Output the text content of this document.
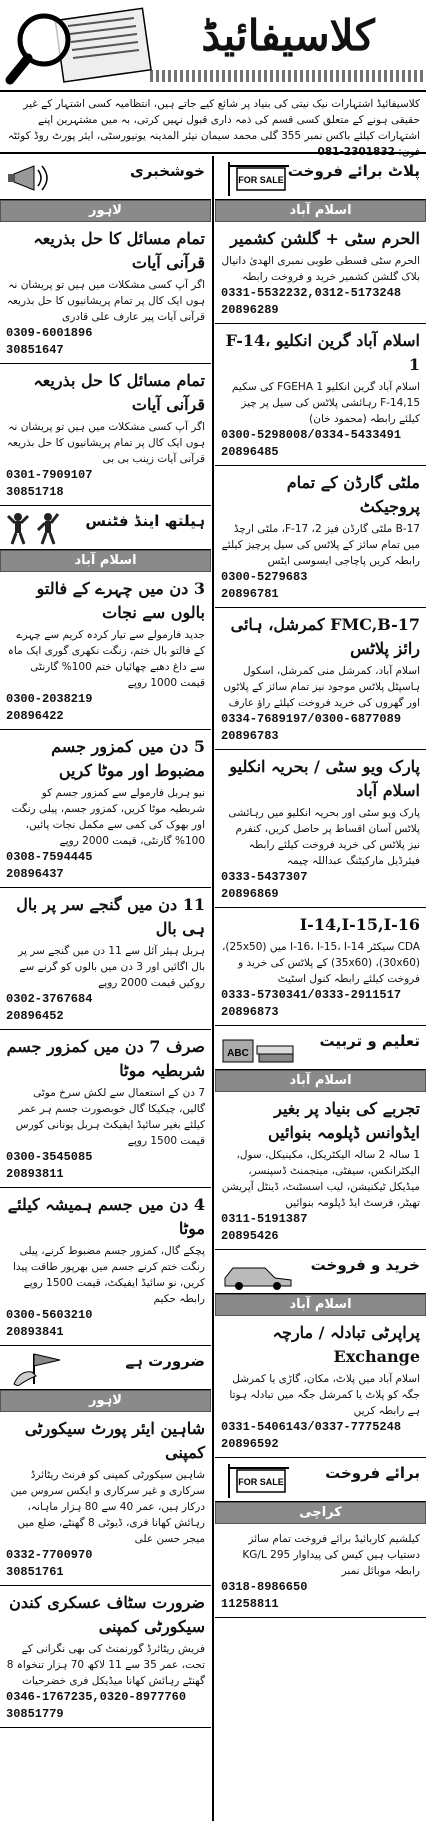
کلاسیفائیڈ
کلاسیفائیڈ اشتہارات نیک نیتی کی بنیاد پر شائع کیے جاتے ہیں، انتظامیہ کسی اشتہار کے غیر حقیقی ہونے کے متعلق کسی قسم کی ذمہ داری قبول نہیں کرتی، بہ میں مشتہرین اپنے اشتہارات کیلئے باکس نمبر 355 گلی محمد سیمان نیئر المدینہ یونیورسٹی، ایئر پورٹ روڈ کوئٹہ فون: 081-2301832
خوشخبری
لاہور
تمام مسائل کا حل بذریعہ قرآنی آیات
اگر آپ کسی مشکلات میں ہیں تو پریشان نہ ہوں ایک کال پر تمام پریشانیوں کا حل بذریعہ قرآنی آیات پیر عارف علی قادری
0309-6001896
30851647
تمام مسائل کا حل بذریعہ قرآنی آیات
اگر آپ کسی مشکلات میں ہیں تو پریشان نہ ہوں ایک کال پر تمام پریشانیوں کا حل بذریعہ قرآنی آیات زینب بی بی
0301-7909107
30851718
ہیلتھ اینڈ فٹنس
اسلام آباد
3 دن میں چہرے کے فالتو بالوں سے نجات
جدید فارمولے سے تیار کردہ کریم سے چہرے کے فالتو بال ختم، زنگت نکھری گوری ایک ماہ سے داغ دھبے چھائیاں ختم 100% گارنٹی قیمت 1000 روپے
0300-2038219
20896422
5 دن میں کمزور جسم مضبوط اور موٹا کریں
نیو ہربل فارمولے سے کمزور جسم کو شربطیہ موٹا کریں، کمزور جسم، پیلی رنگت اور بھوک کی کمی سے مکمل نجات پائیں، 100% گارنٹی، قیمت 2000 روپے
0308-7594445
20896437
11 دن میں گنجے سر پر بال ہی بال
ہربل ہیئر آئل سے 11 دن میں گنجے سر پر بال اگائیں اور 3 دن میں بالوں کو گرنے سے روکیں قیمت 2000 روپے
0302-3767684
20896452
صرف 7 دن میں کمزور جسم شربطیہ موٹا
7 دن کے استعمال سے لکش سرخ موٹی گالیں، چیکیکا گال خوبصورت جسم ہر عمر کیلئے بغیر سائیڈ ایفیکٹ ہربل یونانی کورس قیمت 1500 روپے
0300-3545085
20893811
4 دن میں جسم ہمیشہ کیلئے موٹا
پچکے گال، کمزور جسم مضبوط کرنے، پیلی رنگت ختم کرنے جسم میں بھرپور طاقت پیدا کریں، نو سائیڈ ایفیکٹ، قیمت 1500 روپے رابطہ حکیم
0300-5603210
20893841
ضرورت ہے
لاہور
شاہین ایئر پورٹ سیکورٹی کمپنی
شاہین سیکورٹی کمپنی کو فرنٹ ریٹائرڈ سرکاری و غیر سرکاری و ایکس سروس مین درکار ہیں، عمر 40 سے 80 ہزار ماہانہ، رہائش کھانا فری، ڈیوٹی 8 گھنٹے، ضلع میں میجر حسن علی
0332-7700970
30851761
ضرورت سٹاف عسکری کندن سیکورٹی کمپنی
فریش ریٹائرڈ گورنمنٹ کی بھی نگرانی کے تحت، عمر 35 سے 11 لاکھ 70 ہزار تنخواہ 8 گھنٹے رہائش کھانا میڈیکل فری خضرحیات
0346-1767235,0320-8977760
30851779
FOR SALE پلاٹ برائے فروخت
اسلام آباد
الحرم سٹی + گلشن کشمیر
الحرم سٹی قسطی طوبی نمبری الھدیٰ دانیال بلاک گلشن کشمیر خرید و فروخت رابطہ
0331-5532232,0312-5173248
20896289
اسلام آباد گرین انکلیو F-14، 1
اسلام آباد گرین انکلیو FGEHA 1 کی سکیم F-14,15 رہائشی پلاٹس کی سیل پر چیز کیلئے رابطہ (محمود خان)
0300-5298008/0334-5433491
20896485
ملٹی گارڈن کے تمام پروجیکٹ
B-17 ملٹی گارڈن فیز 2، F-17، ملٹی ارچڈ میں تمام سائز کے پلاٹس کی سیل پرچیز کیلئے رابطہ کریں پاچاجی ایسوسی ایٹس
0300-5279683
20896781
FMC,B-17 کمرشل، ہائی رائز پلاٹس
اسلام آباد، کمرشل منی کمرشل، اسکول ہاسپٹل پلاٹس موجود نیز تمام سائز کے پلاٹوں اور گھروں کی خرید فروخت کیلئے راؤ عارف
0334-7689197/0300-6877089
20896783
پارک ویو سٹی / بحریہ انکلیو اسلام آباد
پارک ویو سٹی اور بحریہ انکلیو میں رہائشی پلاٹس آسان اقساط پر حاصل کریں، کنفرم نیز پلاٹس کی خرید فروخت کیلئے رابطہ فیئرڈیل مارکیٹنگ عبداللہ چیمہ
0333-5437307
20896869
I-14,I-15,I-16
CDA سیکٹر I-16، I-15، I-14 میں (25x50)، (30x60)، (35x60) کے پلاٹس کی خرید و فروخت کیلئے رابطہ کنول اسٹیٹ
0333-5730341/0333-2911517
20896873
ABC
تعلیم و تربیت
اسلام آباد
تجربے کی بنیاد پر بغیر ایڈوانس ڈپلومہ بنوائیں
1 سالہ 2 سالہ الیکٹریکل، مکینیکل، سول، الیکٹرانکس، سیفٹی، مینجمنٹ ڈسپنسر، میڈیکل ٹیکنیشن، لیب اسسٹنٹ، ڈینٹل آپریشن تھیٹر، فرسٹ ایڈ ڈپلومہ بنوائیں
0311-5191387
20895426
خرید و فروخت
اسلام آباد
پراپرٹی تبادلہ / مارچہ Exchange
اسلام آباد میں پلاٹ، مکان، گاڑی یا کمرشل جگہ کو پلاٹ یا کمرشل جگہ میں تبادلہ ہوتا ہے رابطہ کریں
0331-5406143/0337-7775248
20896592
FOR SALE	برائے فروخت
کراچی
کیلشیم کاربائیڈ برائے فروخت تمام سائز دستیاب ہیں کیس کی پیداوار 295 KG/L رابطہ موبائل نمبر
0318-8986650
11258811
